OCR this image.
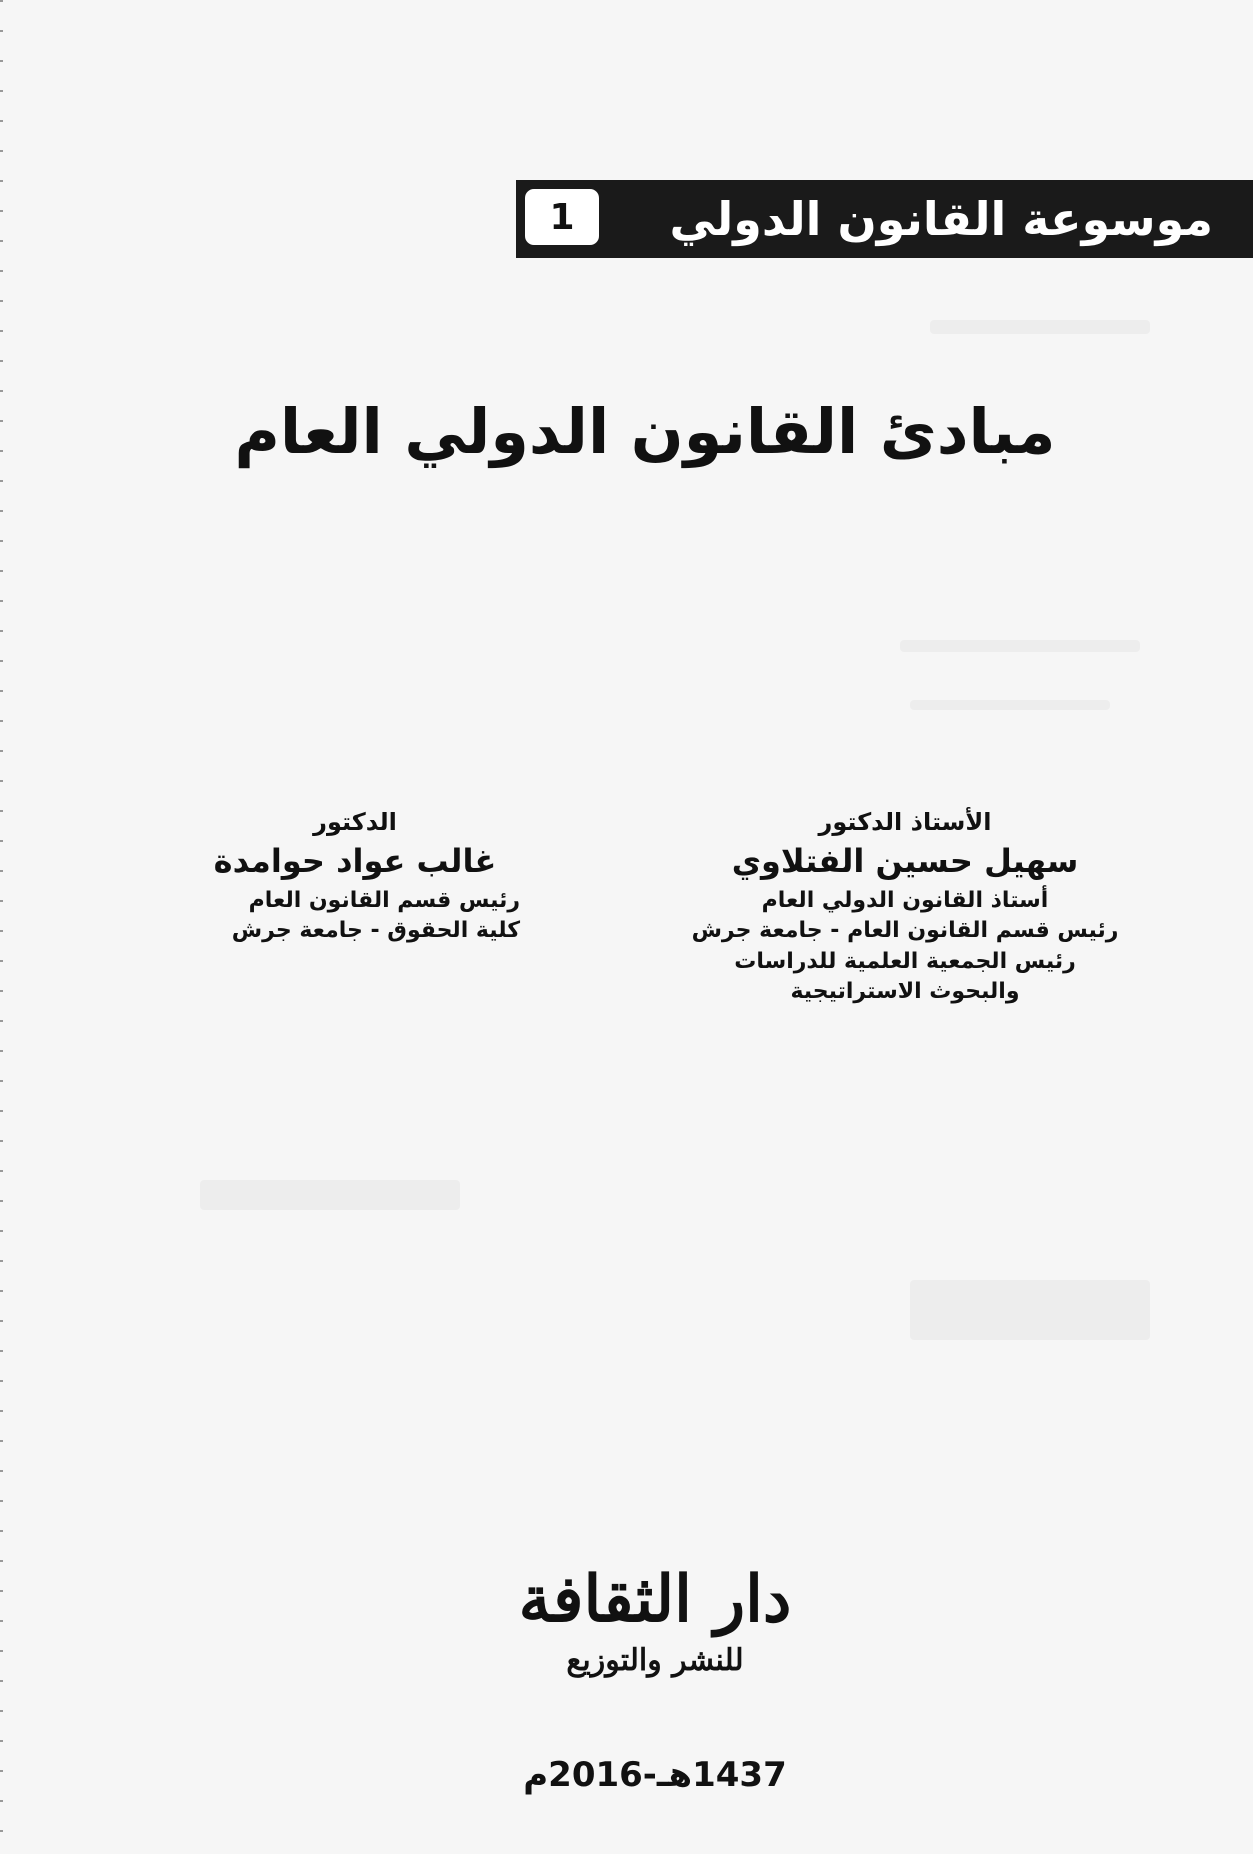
موسوعة القانون الدولي
1
مبادئ القانون الدولي العام
الأستاذ الدكتور
سهيل حسين الفتلاوي
أستاذ القانون الدولي العام
رئيس قسم القانون العام - جامعة جرش
رئيس الجمعية العلمية للدراسات
والبحوث الاستراتيجية
الدكتور
غالب عواد حوامدة
رئيس قسم القانون العام
كلية الحقوق - جامعة جرش
دار الثقافة
للنشر والتوزيع
1437هـ-2016م
